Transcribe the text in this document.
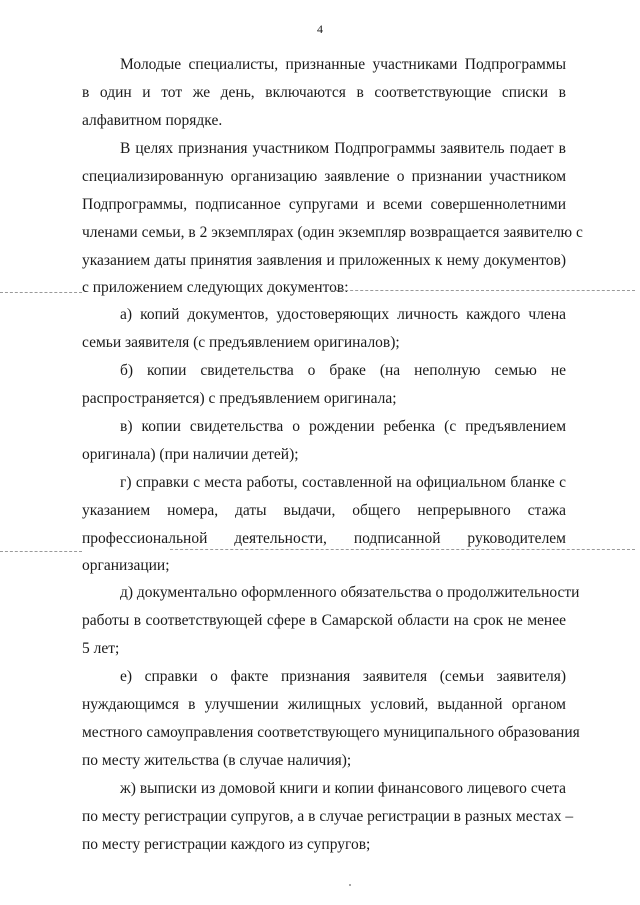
4
Молодые специалисты, признанные участниками Подпрограммы
в один и тот же день, включаются в соответствующие списки в
алфавитном порядке.
В целях признания участником Подпрограммы заявитель подает в
специализированную организацию заявление о признании участником
Подпрограммы, подписанное супругами и всеми совершеннолетними
членами семьи, в 2 экземплярах (один экземпляр возвращается заявителю с
указанием даты принятия заявления и приложенных к нему документов)
с приложением следующих документов:
а) копий документов, удостоверяющих личность каждого члена
семьи заявителя (с предъявлением оригиналов);
б) копии свидетельства о браке (на неполную семью не
распространяется) с предъявлением оригинала;
в) копии свидетельства о рождении ребенка (с предъявлением
оригинала) (при наличии детей);
г) справки с места работы, составленной на официальном бланке с
указанием номера, даты выдачи, общего непрерывного стажа
профессиональной деятельности, подписанной руководителем
организации;
д) документально оформленного обязательства о продолжительности
работы в соответствующей сфере в Самарской области на срок не менее
5 лет;
е) справки о факте признания заявителя (семьи заявителя)
нуждающимся в улучшении жилищных условий, выданной органом
местного самоуправления соответствующего муниципального образования
по месту жительства (в случае наличия);
ж) выписки из домовой книги и копии финансового лицевого счета
по месту регистрации супругов, а в случае регистрации в разных местах –
по месту регистрации каждого из супругов;
